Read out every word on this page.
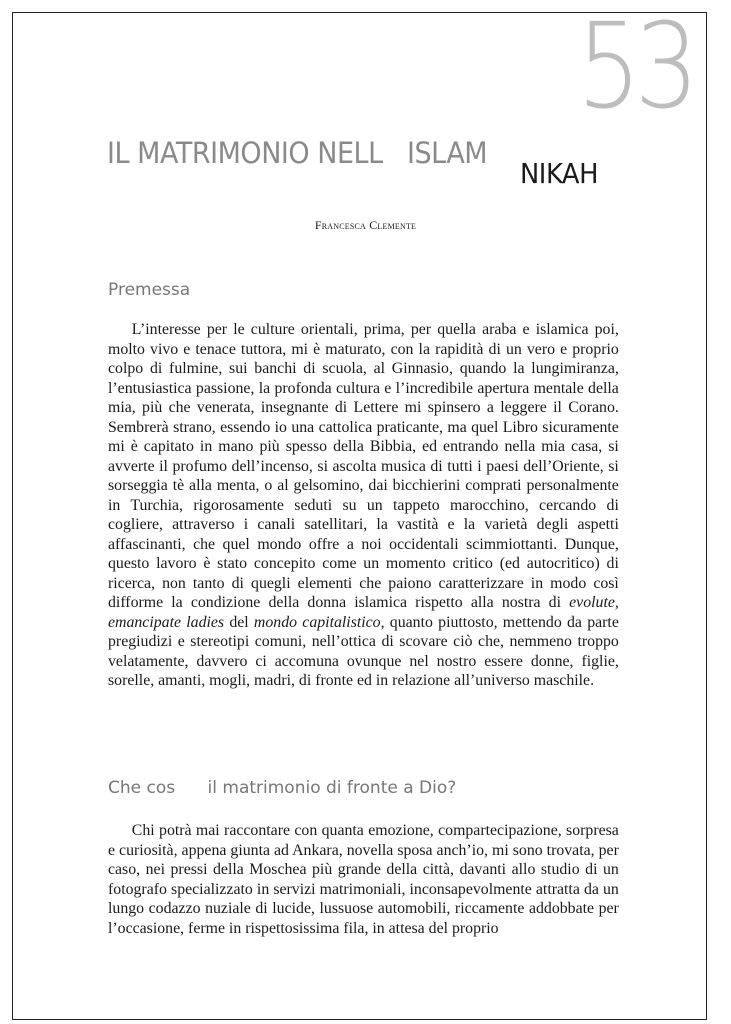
53
IL MATRIMONIO NELL   ISLAM
NIKAH
Francesca Clemente
Premessa

L’interesse per le culture orientali, prima, per quella araba e islamica poi, molto vivo e tenace tuttora, mi è maturato, con la rapidità di un vero e proprio colpo di fulmine, sui banchi di scuola, al Ginnasio, quando la lungimiranza, l’entusiastica passione, la profonda cultura e l’incredibile apertura mentale della mia, più che venerata, insegnante di Lettere mi spinsero a leggere il Corano. Sembrerà strano, essendo io una cattolica praticante, ma quel Libro sicuramente mi è capitato in mano più spesso della Bibbia, ed entrando nella mia casa, si avverte il profumo dell’incenso, si ascolta musica di tutti i paesi dell’Oriente, si sorseggia tè alla menta, o al gelsomino, dai bicchierini comprati personalmente in Turchia, rigorosamente seduti su un tappeto marocchino, cercando di cogliere, attraverso i canali satellitari, la vastità e la varietà degli aspetti affascinanti, che quel mondo offre a noi occidentali scimmiottanti. Dunque, questo lavoro è stato concepito come un momento critico (ed autocritico) di ricerca, non tanto di quegli elementi che paiono caratterizzare in modo così difforme la condizione della donna islamica rispetto alla nostra di evolute, emancipate ladies del mondo capitalistico, quanto piuttosto, mettendo da parte pregiudizi e stereotipi comuni, nell’ottica di scovare ciò che, nemmeno troppo velatamente, davvero ci accomuna ovunque nel nostro essere donne, figlie, sorelle, amanti, mogli, madri, di fronte ed in relazione all’universo maschile.

Che cos      il matrimonio di fronte a Dio?

Chi potrà mai raccontare con quanta emozione, compartecipazione, sorpresa e curiosità, appena giunta ad Ankara, novella sposa anch’io, mi sono trovata, per caso, nei pressi della Moschea più grande della città, davanti allo studio di un fotografo specializzato in servizi matrimoniali, inconsapevolmente attratta da un lungo codazzo nuziale di lucide, lussuose automobili, riccamente addobbate per l’occasione, ferme in rispettosissima fila, in attesa del proprio
